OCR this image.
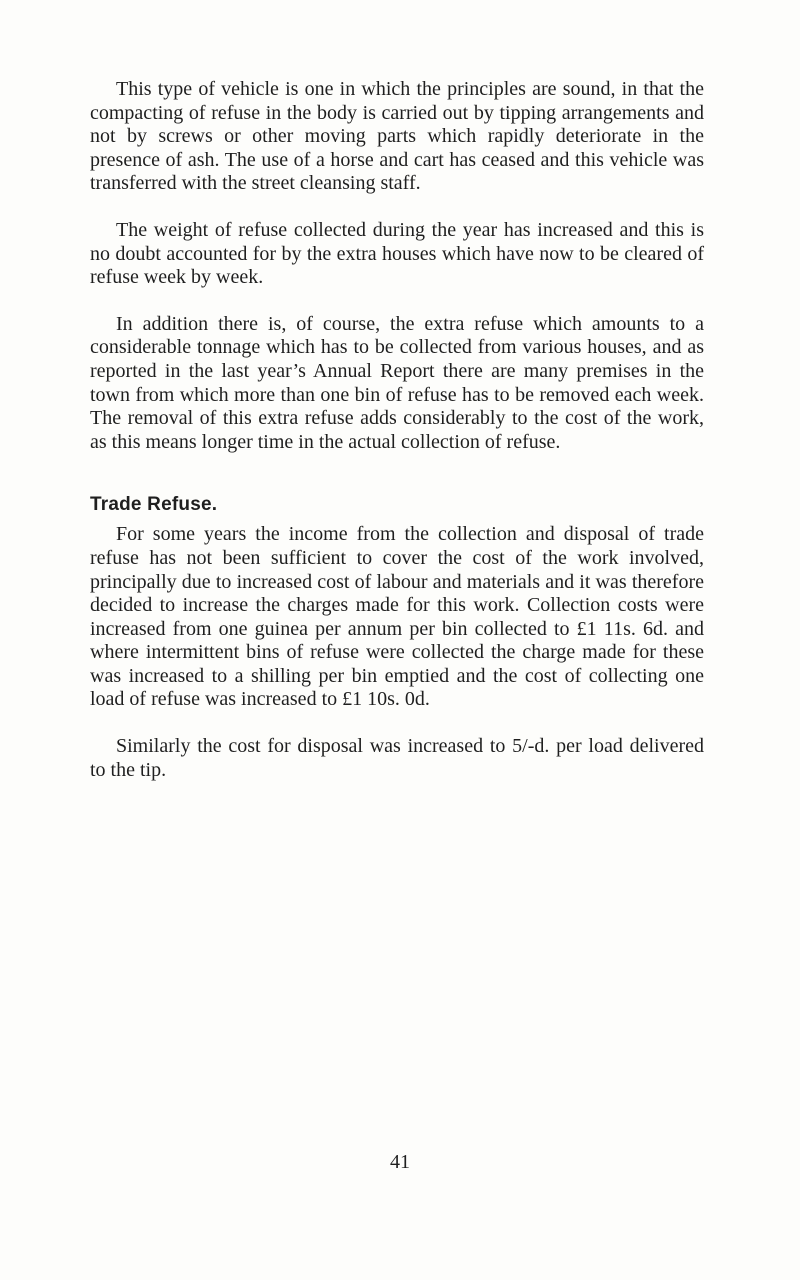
This type of vehicle is one in which the principles are sound, in that the compacting of refuse in the body is carried out by tipping arrangements and not by screws or other moving parts which rapidly deteriorate in the presence of ash. The use of a horse and cart has ceased and this vehicle was transferred with the street cleansing staff.

The weight of refuse collected during the year has increased and this is no doubt accounted for by the extra houses which have now to be cleared of refuse week by week.

In addition there is, of course, the extra refuse which amounts to a considerable tonnage which has to be collected from various houses, and as reported in the last year’s Annual Report there are many premises in the town from which more than one bin of refuse has to be removed each week. The removal of this extra refuse adds considerably to the cost of the work, as this means longer time in the actual collection of refuse.

Trade Refuse.

For some years the income from the collection and disposal of trade refuse has not been sufficient to cover the cost of the work involved, principally due to increased cost of labour and materials and it was therefore decided to increase the charges made for this work. Collection costs were increased from one guinea per annum per bin collected to £1 11s. 6d. and where intermittent bins of refuse were collected the charge made for these was increased to a shilling per bin emptied and the cost of collecting one load of refuse was increased to £1 10s. 0d.

Similarly the cost for disposal was increased to 5/-d. per load delivered to the tip.

41
